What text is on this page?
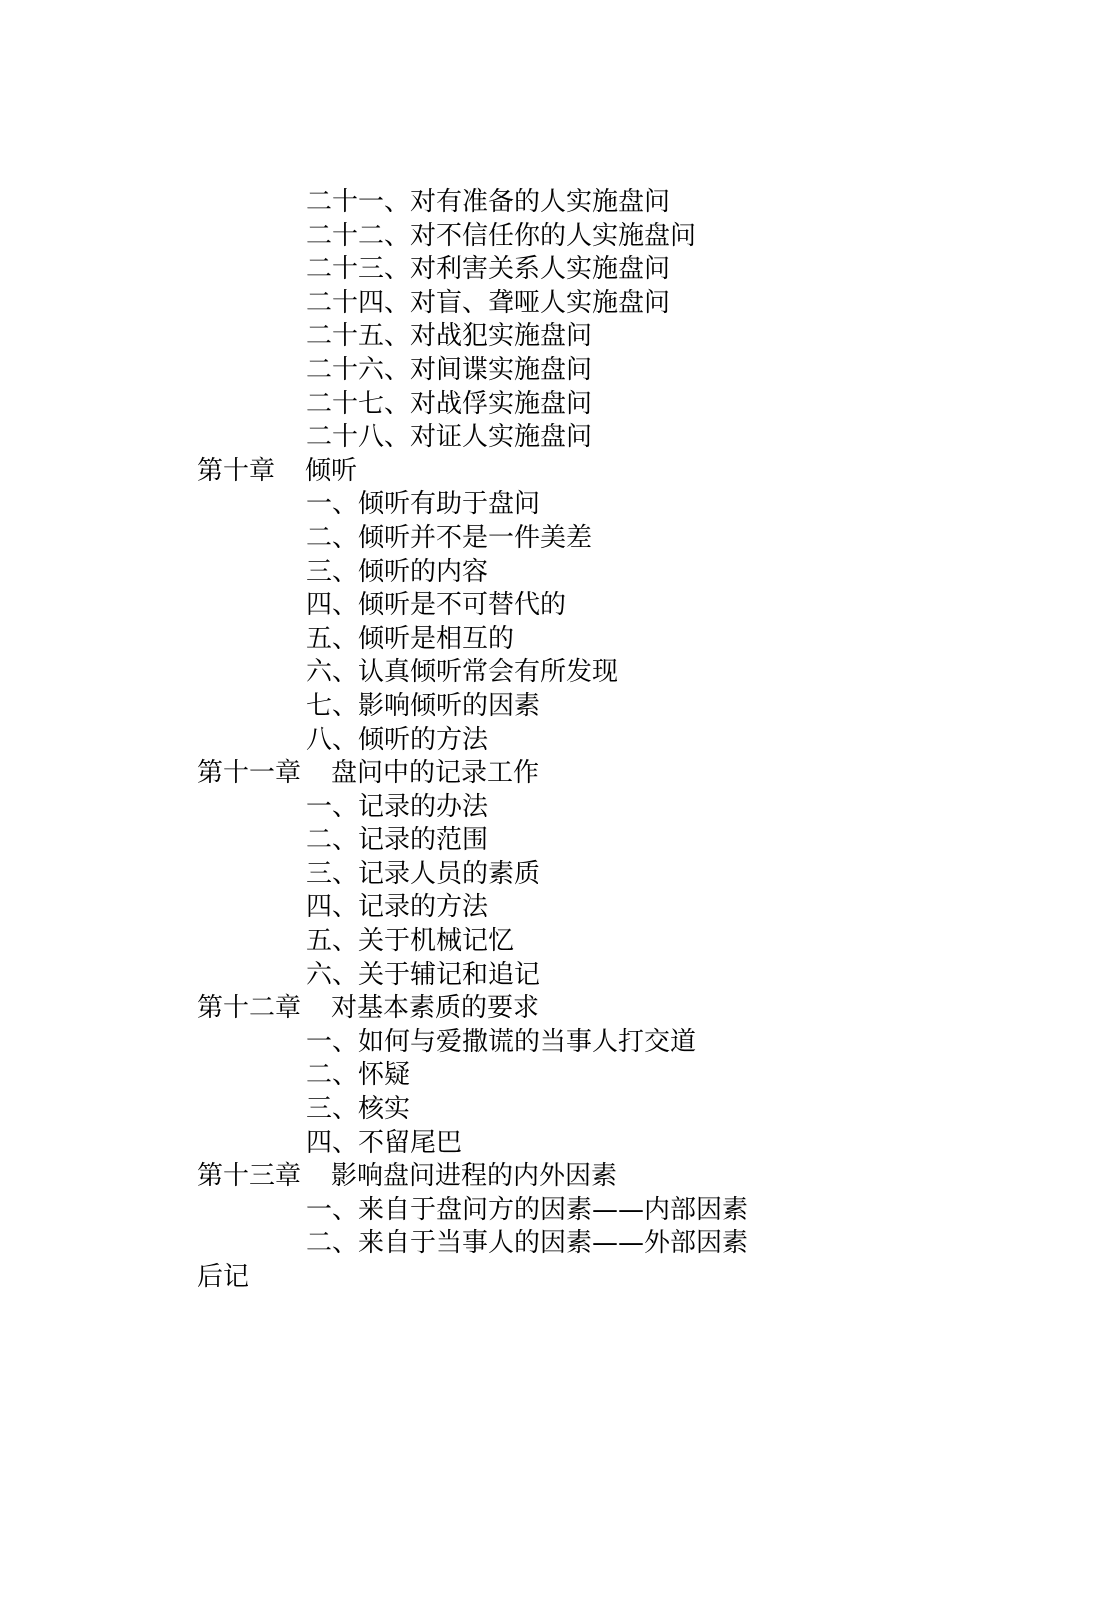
二十一、对有准备的人实施盘问
二十二、对不信任你的人实施盘问
二十三、对利害关系人实施盘问
二十四、对盲、聋哑人实施盘问
二十五、对战犯实施盘问
二十六、对间谍实施盘问
二十七、对战俘实施盘问
二十八、对证人实施盘问
第十章 倾听
一、倾听有助于盘问
二、倾听并不是一件美差
三、倾听的内容
四、倾听是不可替代的
五、倾听是相互的
六、认真倾听常会有所发现
七、影响倾听的因素
八、倾听的方法
第十一章 盘问中的记录工作
一、记录的办法
二、记录的范围
三、记录人员的素质
四、记录的方法
五、关于机械记忆
六、关于辅记和追记
第十二章 对基本素质的要求
一、如何与爱撒谎的当事人打交道
二、怀疑
三、核实
四、不留尾巴
第十三章 影响盘问进程的内外因素
一、来自于盘问方的因素——内部因素
二、来自于当事人的因素——外部因素
后记
